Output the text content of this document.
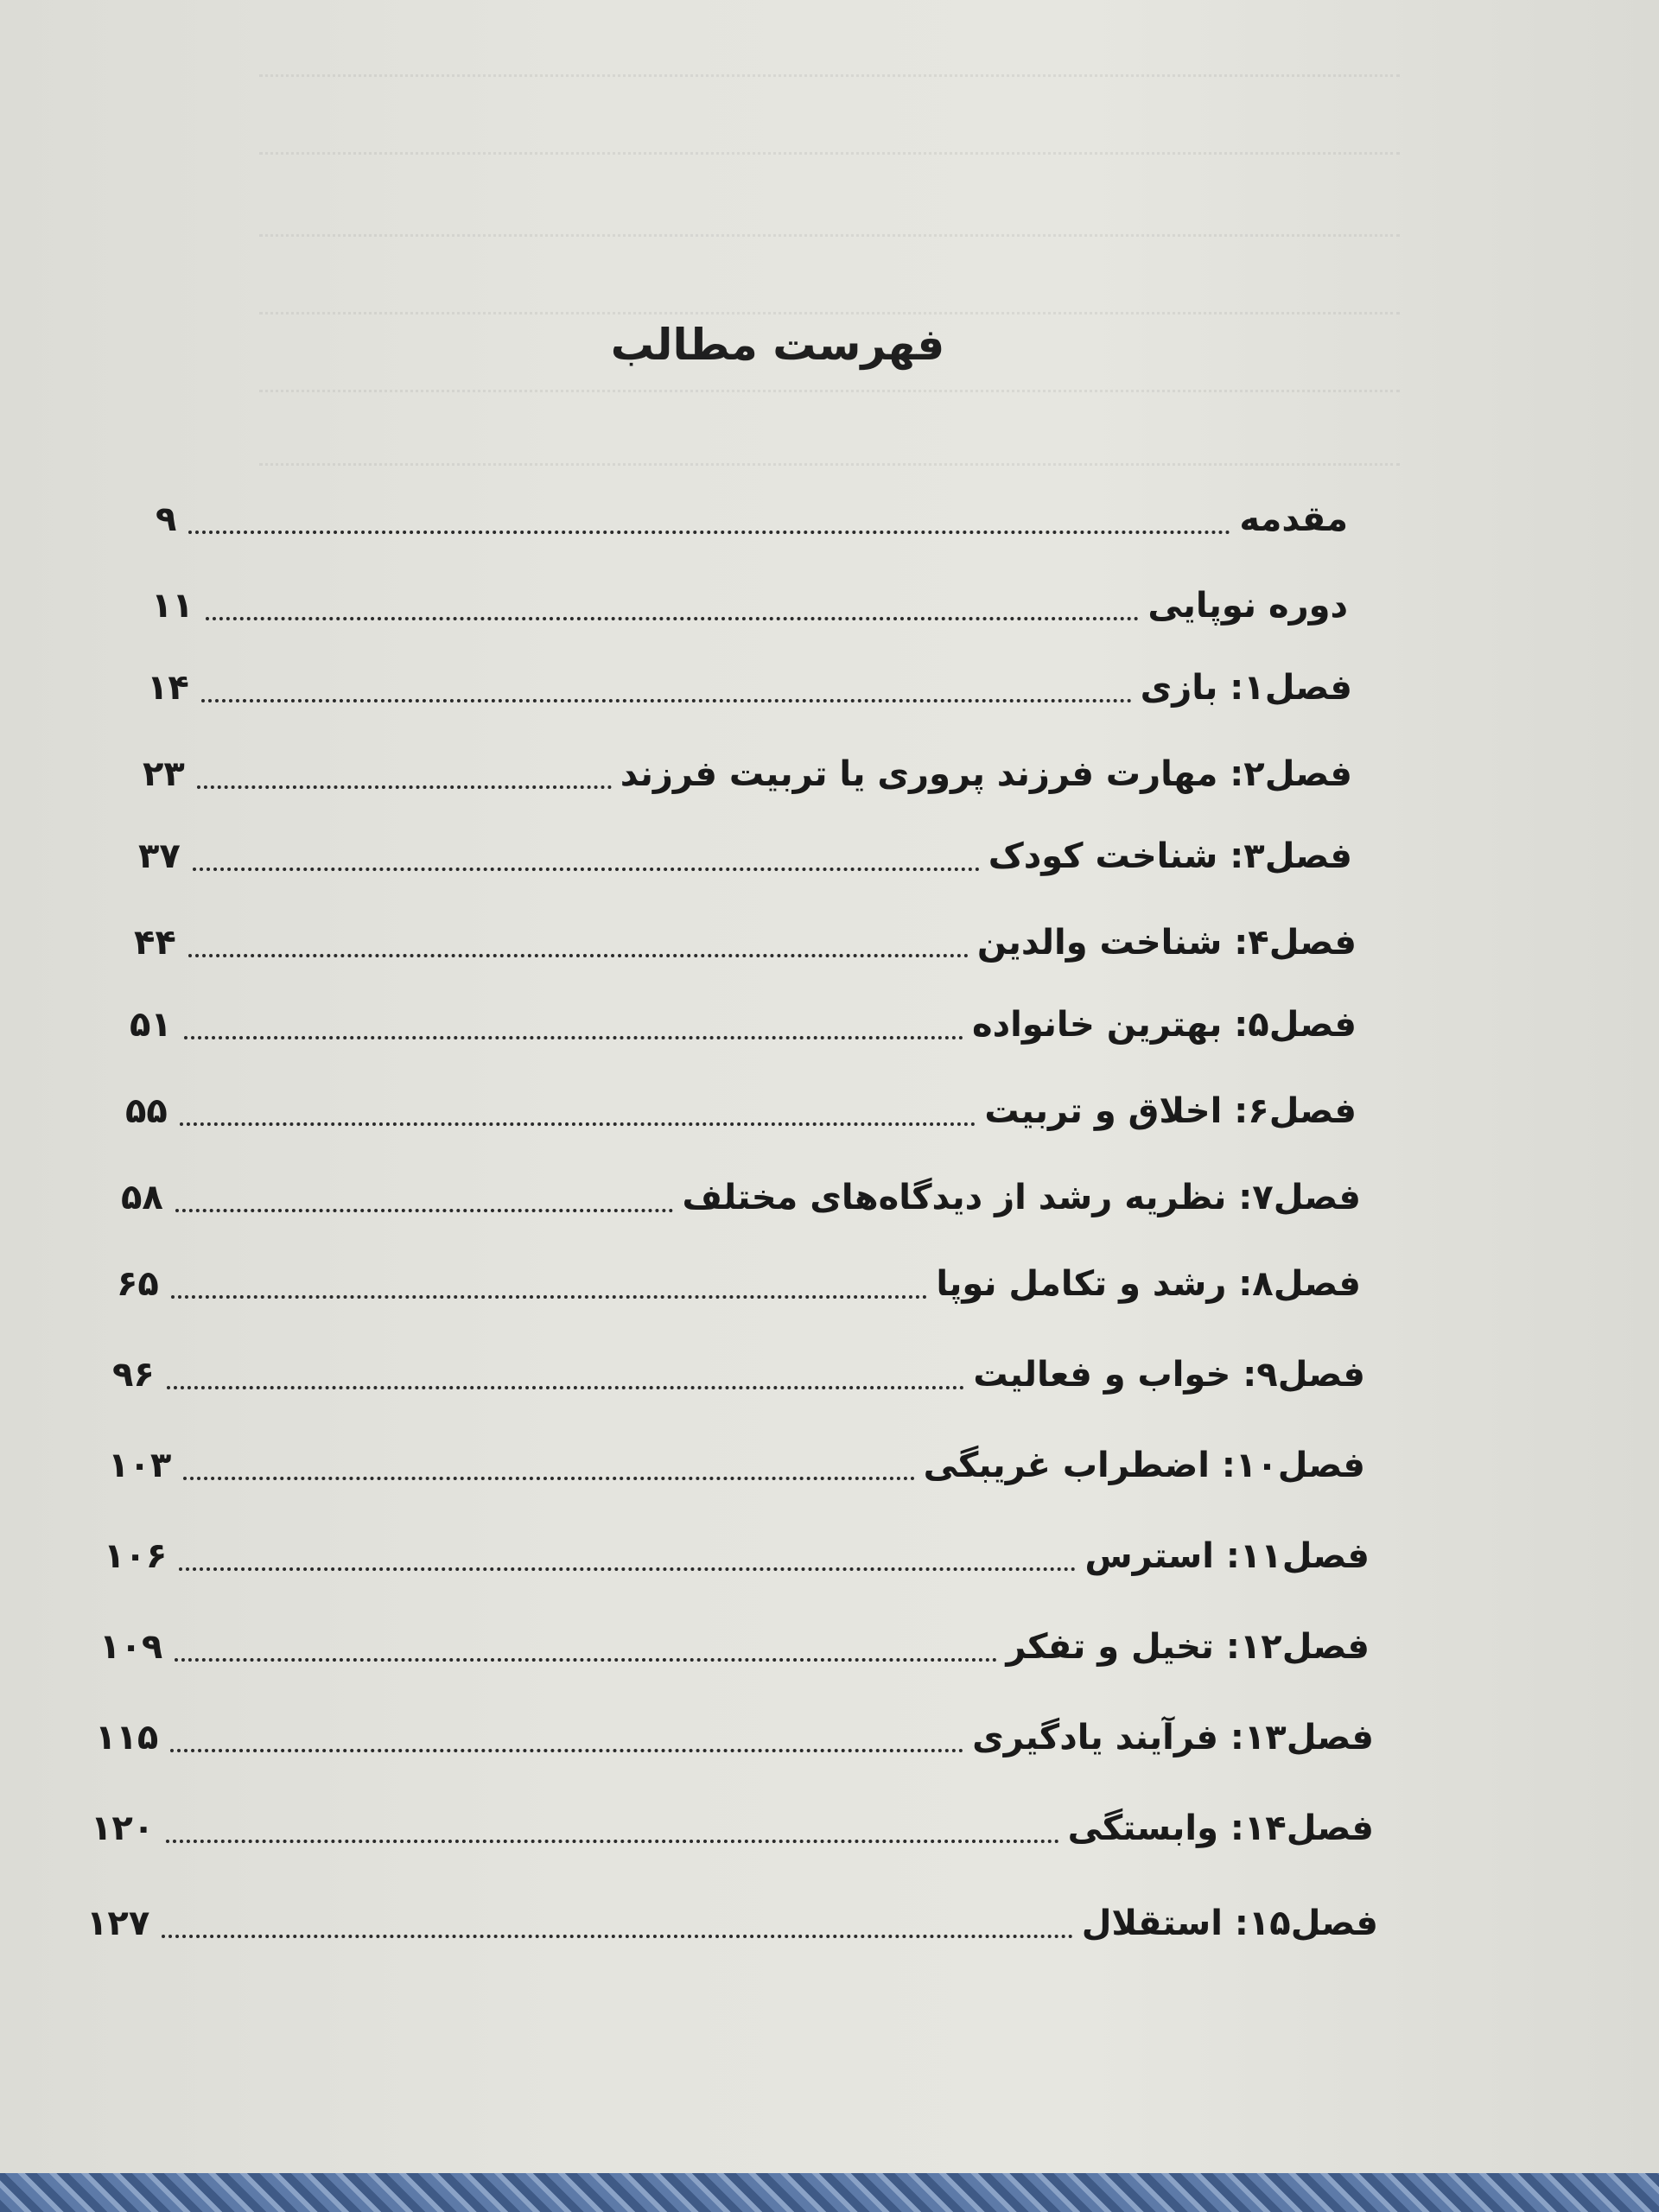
فهرست مطالب
مقدمه
۹
دوره نوپایی
۱۱
فصل۱: بازی
۱۴
فصل۲: مهارت فرزند پروری یا تربیت فرزند
۲۳
فصل۳: شناخت کودک
۳۷
فصل۴: شناخت والدین
۴۴
فصل۵: بهترین خانواده
۵۱
فصل۶: اخلاق و تربیت
۵۵
فصل۷: نظریه رشد از دیدگاه‌های مختلف
۵۸
فصل۸: رشد و تکامل نوپا
۶۵
فصل۹: خواب و فعالیت
۹۶
فصل۱۰: اضطراب غریبگی
۱۰۳
فصل۱۱: استرس
۱۰۶
فصل۱۲: تخیل و تفکر
۱۰۹
فصل۱۳: فرآیند یادگیری
۱۱۵
فصل۱۴: وابستگی
۱۲۰
فصل۱۵: استقلال
۱۲۷
